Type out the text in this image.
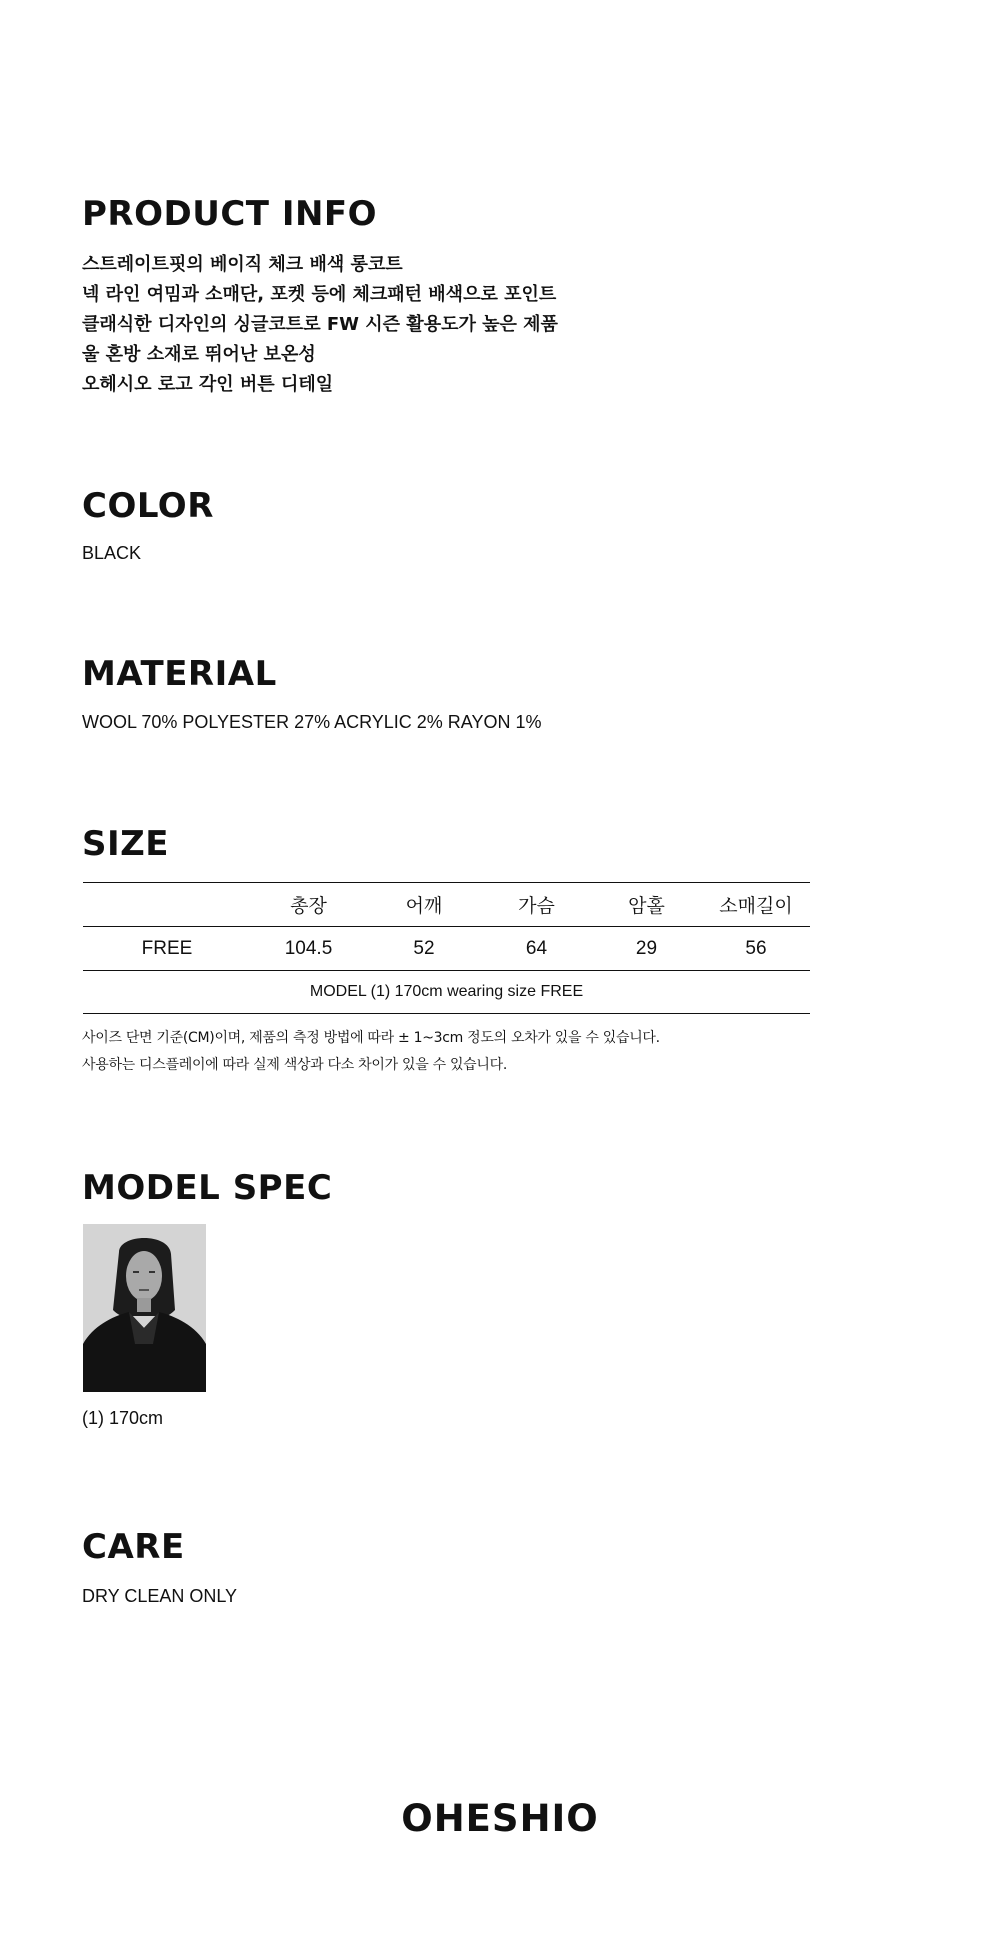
PRODUCT INFO
스트레이트핏의 베이직 체크 배색 롱코트
넥 라인 여밈과 소매단, 포켓 등에 체크패턴 배색으로 포인트
클래식한 디자인의 싱글코트로 FW 시즌 활용도가 높은 제품
울 혼방 소재로 뛰어난 보온성
오헤시오 로고 각인 버튼 디테일
COLOR
BLACK
MATERIAL
WOOL 70% POLYESTER 27% ACRYLIC 2% RAYON 1%
SIZE
	총장	어깨	가슴	암홀	소매길이
FREE	104.5	52	64	29	56
MODEL (1) 170cm wearing size FREE					
사이즈 단면 기준(CM)이며, 제품의 측정 방법에 따라 ± 1~3cm 정도의 오차가 있을 수 있습니다.
사용하는 디스플레이에 따라 실제 색상과 다소 차이가 있을 수 있습니다.
MODEL SPEC
(1) 170cm
CARE
DRY CLEAN ONLY
OHESHIO
